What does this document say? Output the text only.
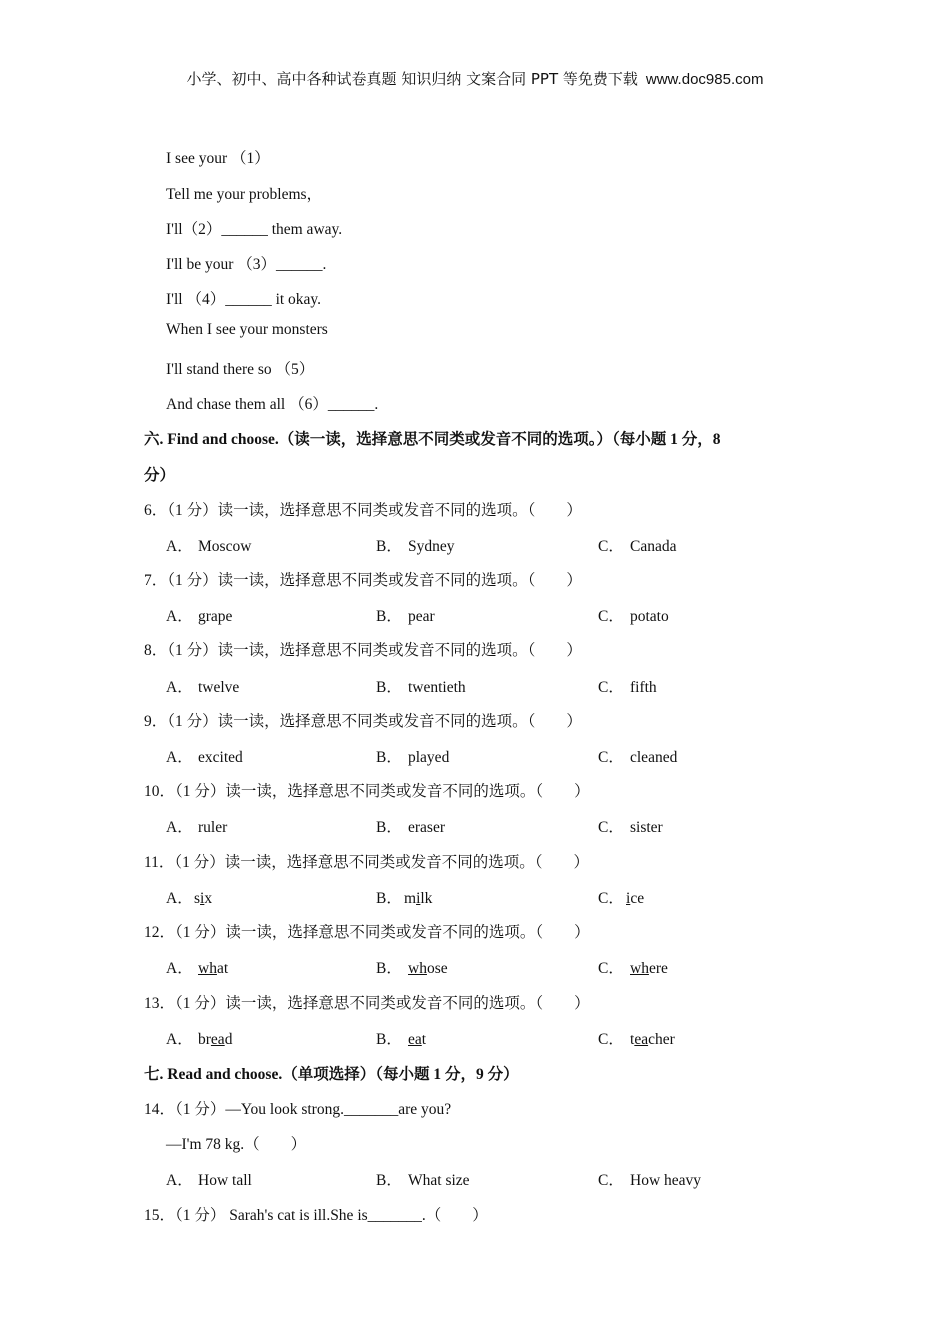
小学、初中、高中各种试卷真题 知识归纳 文案合同 PPT 等免费下载 www.doc985.com
I see your （1）
Tell me your problems，
I'll（2）______ them away.
I'll be your （3）______.
I'll （4）______ it okay.
When I see your monsters
I'll stand there so （5）
And chase them all （6）______.
六. Find and choose.（读一读，选择意思不同类或发音不同的选项。）（每小题 1 分，8
分）
6．（1 分）读一读，选择意思不同类或发音不同的选项。（　　）
A． Moscow	B． Sydney	C． Canada
7．（1 分）读一读，选择意思不同类或发音不同的选项。（　　）
A． grape	B． pear	C． potato
8．（1 分）读一读，选择意思不同类或发音不同的选项。（　　）
A． twelve	B． twentieth	C． fifth
9．（1 分）读一读，选择意思不同类或发音不同的选项。（　　）
A． excited	B． played	C． cleaned
10．（1 分）读一读，选择意思不同类或发音不同的选项。（　　）
A． ruler	B． eraser	C． sister
11．（1 分）读一读，选择意思不同类或发音不同的选项。（　　）
A．six	B． milk	C． ice
12．（1 分）读一读，选择意思不同类或发音不同的选项。（　　）
A． what	B． whose	C． where
13．（1 分）读一读，选择意思不同类或发音不同的选项。（　　）
A． bread	B． eat	C． teacher
七. Read and choose.（单项选择）（每小题 1 分，9 分）
14．（1 分）—You look strong._______are you?
—I'm 78 kg.（　　）
A． How tall	B． What size	C． How heavy
15．（1 分） Sarah's cat is ill.She is_______.（　　）
